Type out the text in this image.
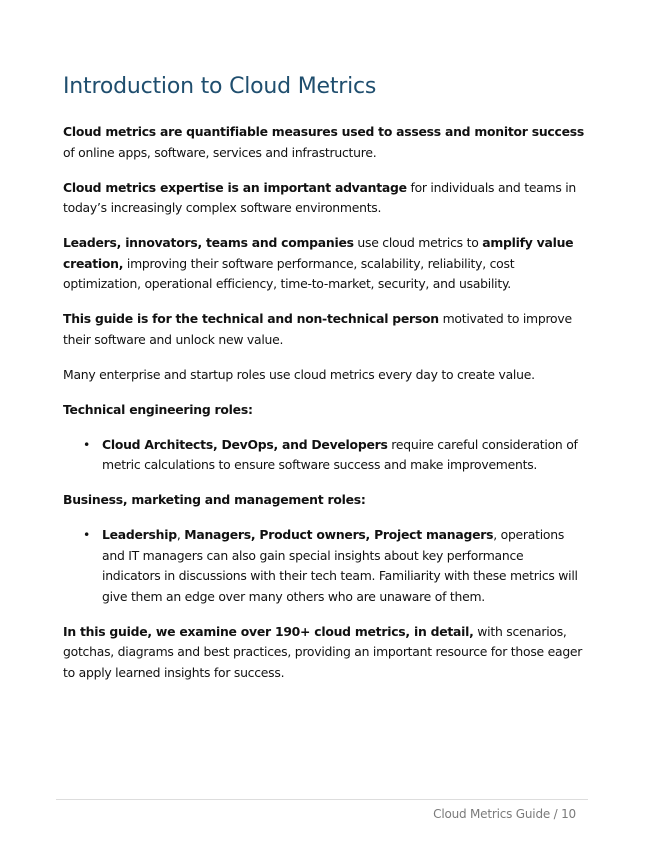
Introduction to Cloud Metrics

Cloud metrics are quantifiable measures used to assess and monitor success of online apps, software, services and infrastructure.

Cloud metrics expertise is an important advantage for individuals and teams in today’s increasingly complex software environments.

Leaders, innovators, teams and companies use cloud metrics to amplify value creation, improving their software performance, scalability, reliability, cost optimization, operational efficiency, time-to-market, security, and usability.

This guide is for the technical and non-technical person motivated to improve their software and unlock new value.

Many enterprise and startup roles use cloud metrics every day to create value.

Technical engineering roles:

• Cloud Architects, DevOps, and Developers require careful consideration of metric calculations to ensure software success and make improvements.

Business, marketing and management roles:

• Leadership, Managers, Product owners, Project managers, operations and IT managers can also gain special insights about key performance indicators in discussions with their tech team. Familiarity with these metrics will give them an edge over many others who are unaware of them.

In this guide, we examine over 190+ cloud metrics, in detail, with scenarios, gotchas, diagrams and best practices, providing an important resource for those eager to apply learned insights for success.

Cloud Metrics Guide / 10
